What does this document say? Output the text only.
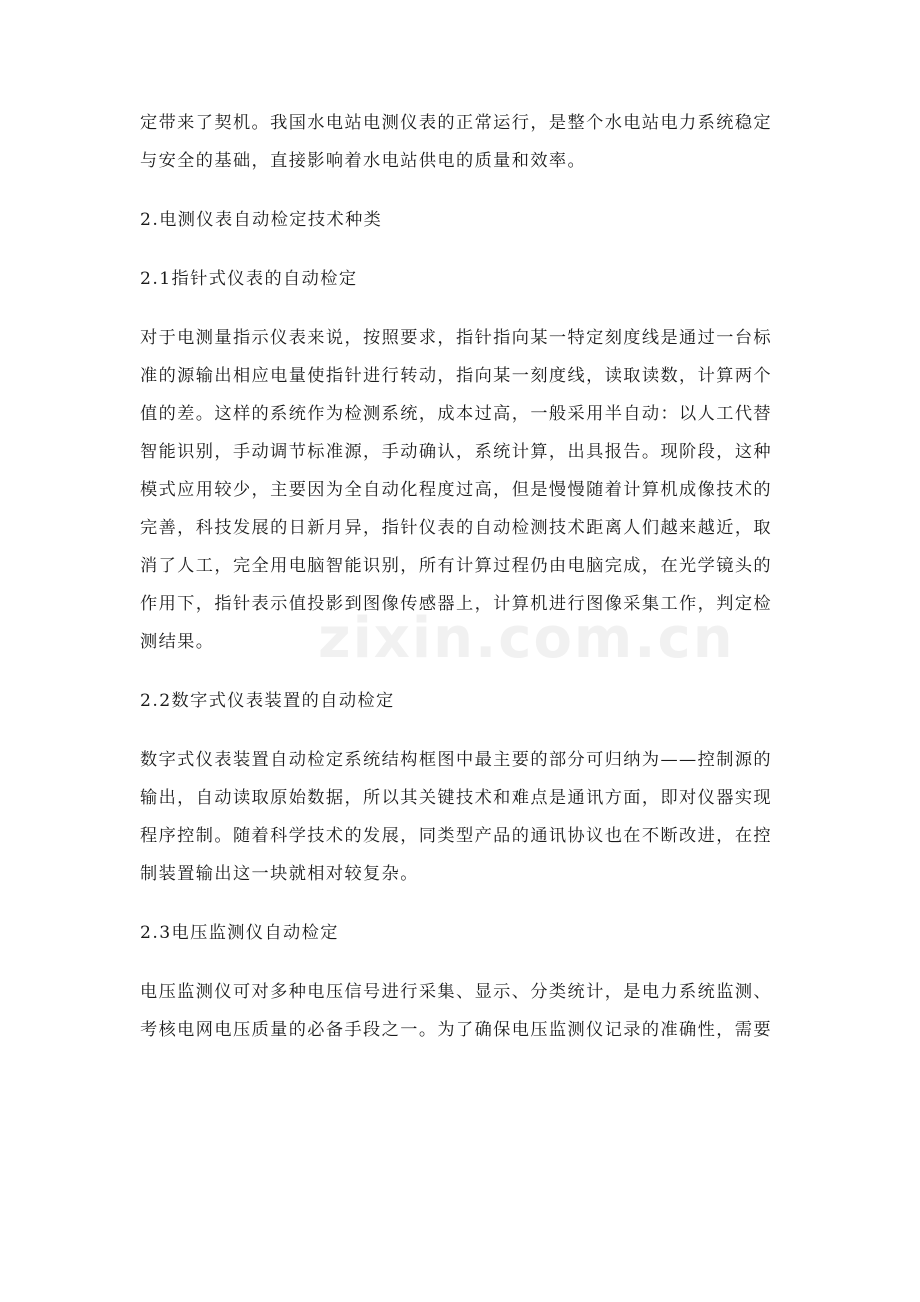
zixin.com.cn

定带来了契机。我国水电站电测仪表的正常运行，是整个水电站电力系统稳定与安全的基础，直接影响着水电站供电的质量和效率。

2.电测仪表自动检定技术种类

2.1指针式仪表的自动检定

对于电测量指示仪表来说，按照要求，指针指向某一特定刻度线是通过一台标准的源输出相应电量使指针进行转动，指向某一刻度线，读取读数，计算两个值的差。这样的系统作为检测系统，成本过高，一般采用半自动：以人工代替智能识别，手动调节标准源，手动确认，系统计算，出具报告。现阶段，这种模式应用较少，主要因为全自动化程度过高，但是慢慢随着计算机成像技术的完善，科技发展的日新月异，指针仪表的自动检测技术距离人们越来越近，取消了人工，完全用电脑智能识别，所有计算过程仍由电脑完成，在光学镜头的作用下，指针表示值投影到图像传感器上，计算机进行图像采集工作，判定检测结果。

2.2数字式仪表装置的自动检定

数字式仪表装置自动检定系统结构框图中最主要的部分可归纳为——控制源的输出，自动读取原始数据，所以其关键技术和难点是通讯方面，即对仪器实现程序控制。随着科学技术的发展，同类型产品的通讯协议也在不断改进，在控制装置输出这一块就相对较复杂。

2.3电压监测仪自动检定

电压监测仪可对多种电压信号进行采集、显示、分类统计，是电力系统监测、考核电网电压质量的必备手段之一。为了确保电压监测仪记录的准确性，需要
